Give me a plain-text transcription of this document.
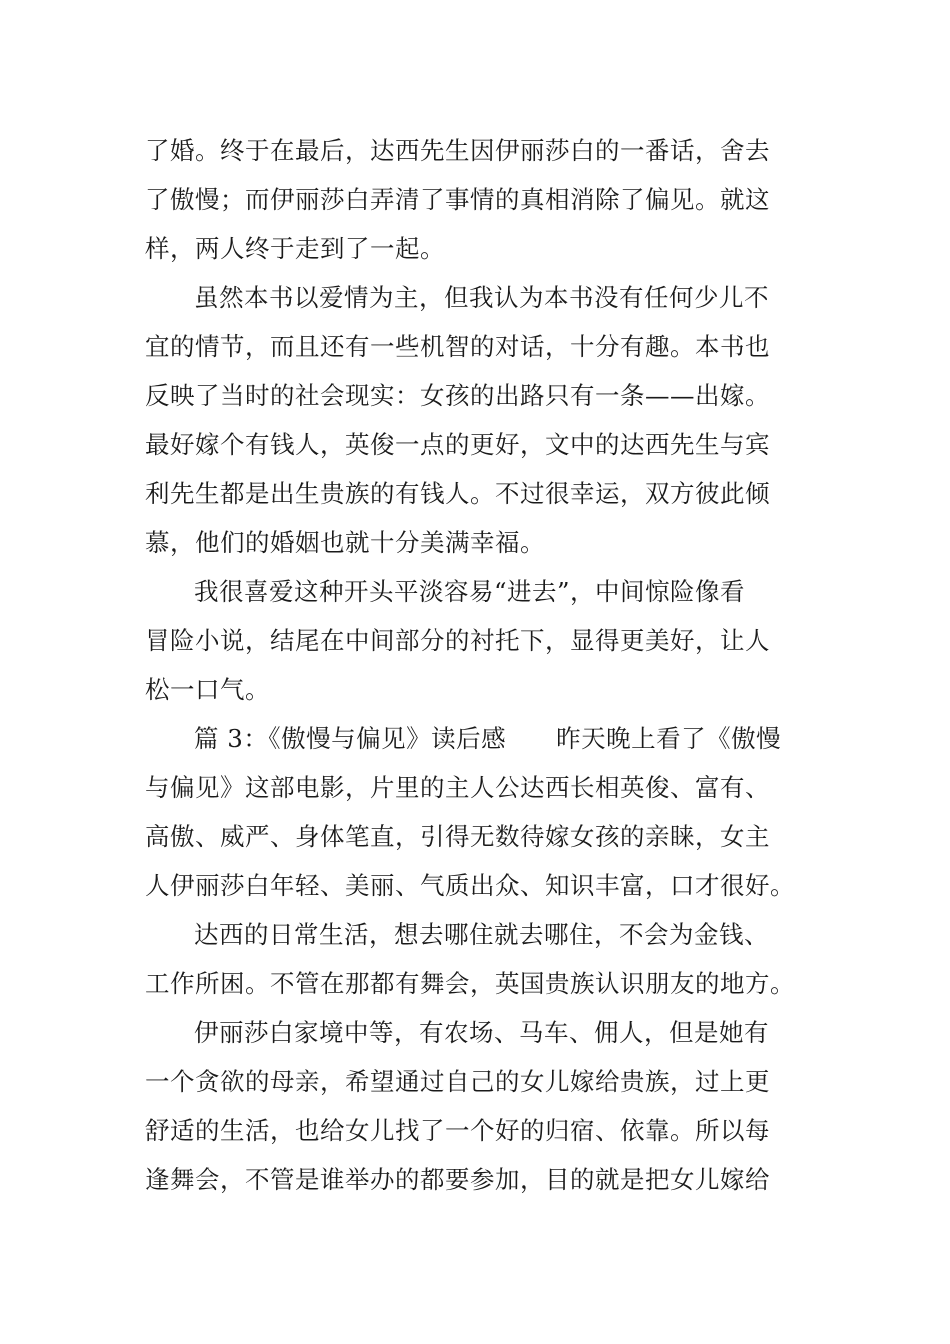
了婚。终于在最后，达西先生因伊丽莎白的一番话，舍去
了傲慢；而伊丽莎白弄清了事情的真相消除了偏见。就这
样，两人终于走到了一起。

虽然本书以爱情为主，但我认为本书没有任何少儿不
宜的情节，而且还有一些机智的对话，十分有趣。本书也
反映了当时的社会现实：女孩的出路只有一条——出嫁。
最好嫁个有钱人，英俊一点的更好，文中的达西先生与宾
利先生都是出生贵族的有钱人。不过很幸运，双方彼此倾
慕，他们的婚姻也就十分美满幸福。

我很喜爱这种开头平淡容易“进去”，中间惊险像看
冒险小说，结尾在中间部分的衬托下，显得更美好，让人
松一口气。

篇 3：《傲慢与偏见》读后感　　昨天晚上看了《傲慢
与偏见》这部电影，片里的主人公达西长相英俊、富有、
高傲、威严、身体笔直，引得无数待嫁女孩的亲睐，女主
人伊丽莎白年轻、美丽、气质出众、知识丰富，口才很好。

达西的日常生活，想去哪住就去哪住，不会为金钱、
工作所困。不管在那都有舞会，英国贵族认识朋友的地方。

伊丽莎白家境中等，有农场、马车、佣人，但是她有
一个贪欲的母亲，希望通过自己的女儿嫁给贵族，过上更
舒适的生活，也给女儿找了一个好的归宿、依靠。所以每
逢舞会，不管是谁举办的都要参加，目的就是把女儿嫁给
